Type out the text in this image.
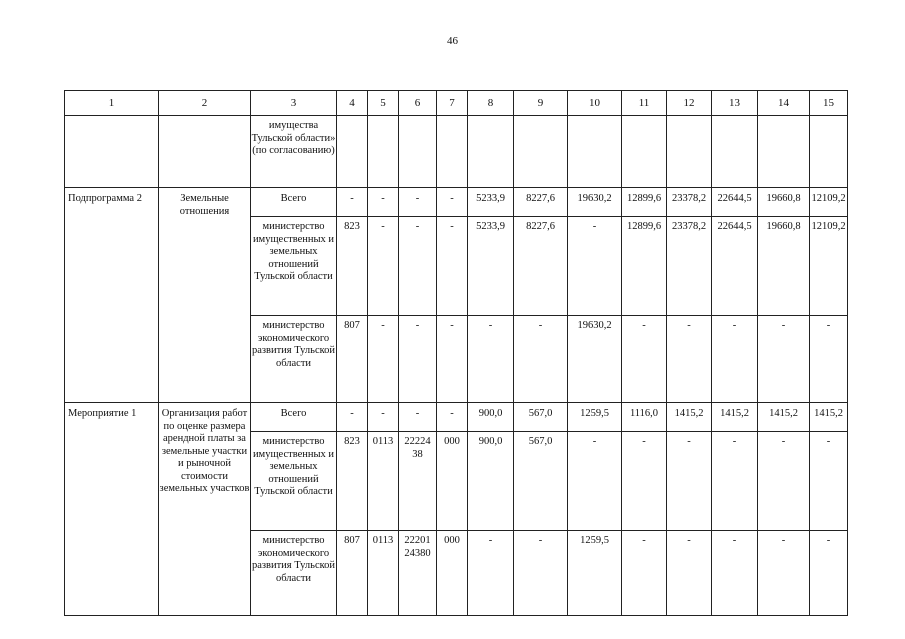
46
1	2	3	4	5	6	7	8	9	10	11	12	13	14	15
		имущества Тульской области» (по согласованию)												
Подпрограмма 2	Земельные отношения	Всего	-	-	-	-	5233,9	8227,6	19630,2	12899,6	23378,2	22644,5	19660,8	12109,2
		министерство имущественных и земельных отношений Тульской области	823	-	-	-	5233,9	8227,6	-	12899,6	23378,2	22644,5	19660,8	12109,2
		министерство экономического развития Тульской области	807	-	-	-	-	-	19630,2	-	-	-	-	-
Мероприятие 1	Организация работ по оценке размера арендной платы за земельные участки и рыночной стоимости земельных участков	Всего	-	-	-	-	900,0	567,0	1259,5	1116,0	1415,2	1415,2	1415,2	1415,2
		министерство имущественных и земельных отношений Тульской области	823	0113	22224 38	000	900,0	567,0	-	-	-	-	-	-
		министерство экономического развития Тульской области	807	0113	22201 24380	000	-	-	1259,5	-	-	-	-	-
